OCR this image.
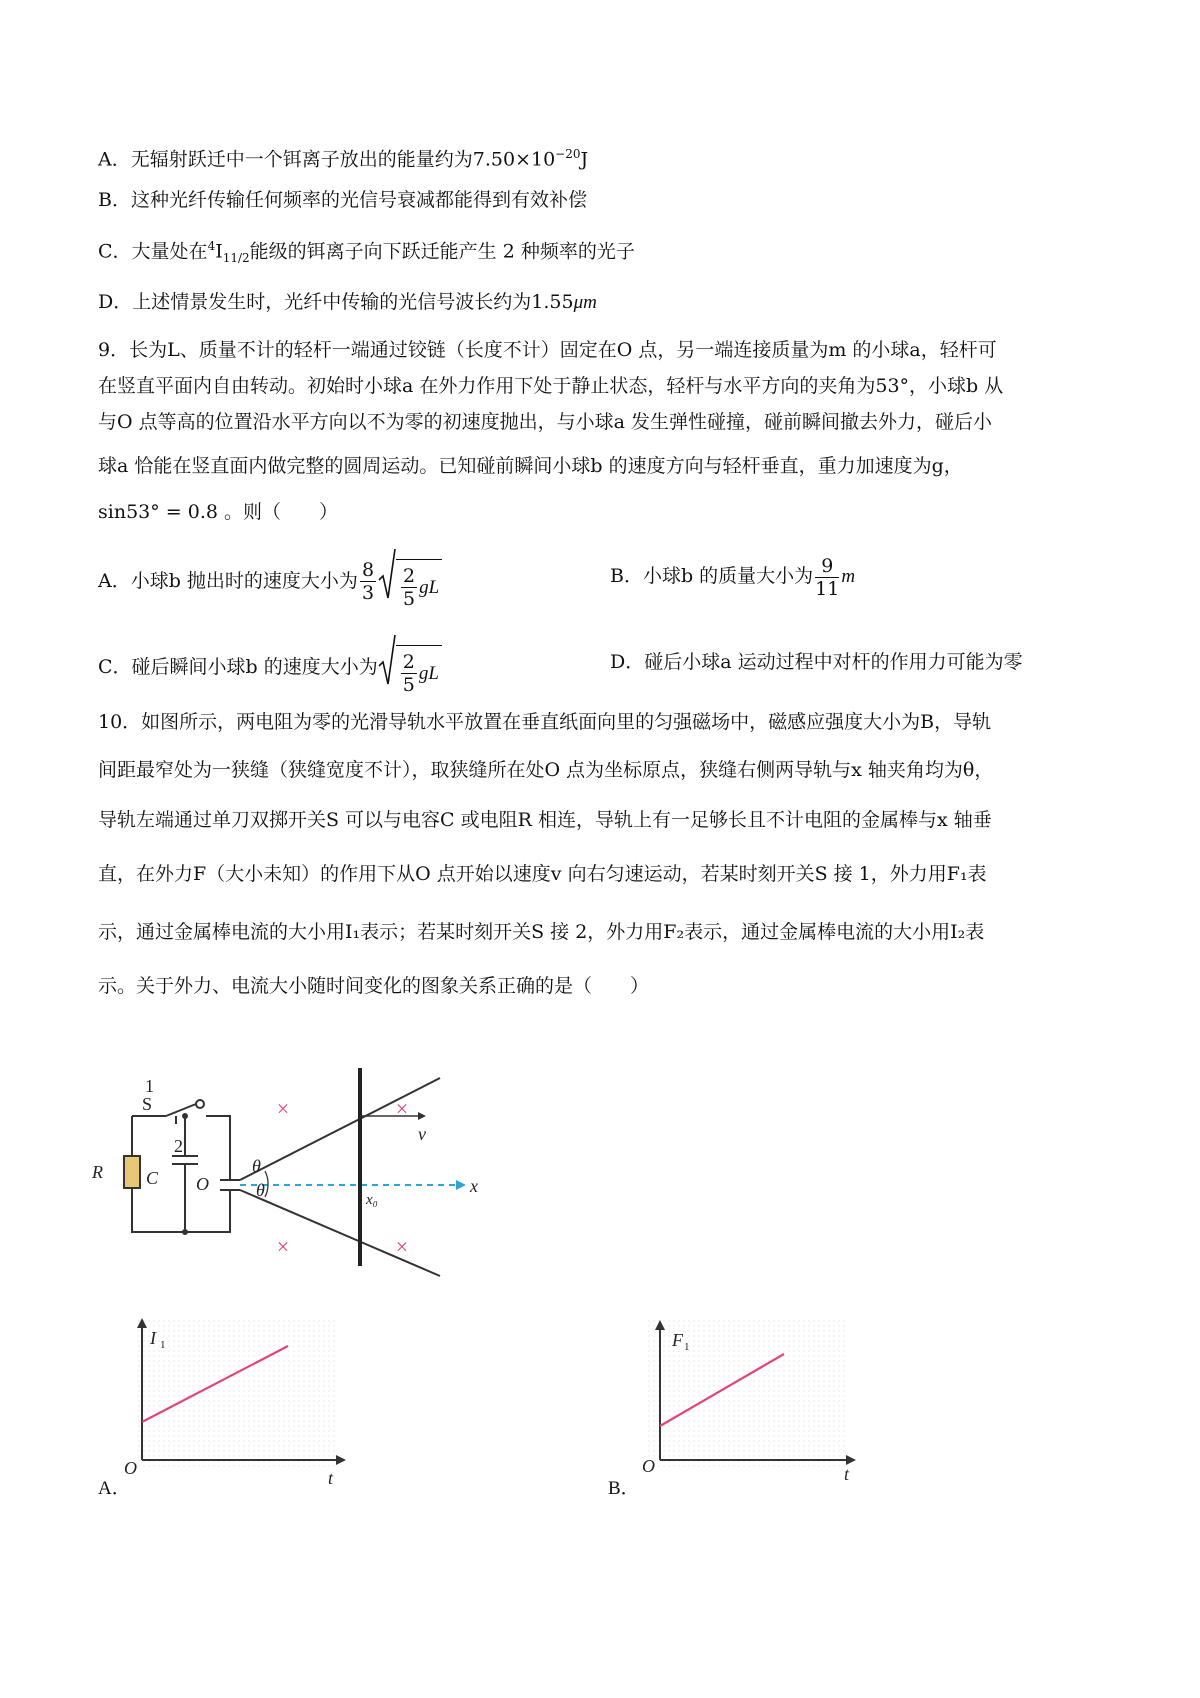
A．无辐射跃迁中一个铒离子放出的能量约为$7.50\times 10^{-20}J$
B．这种光纤传输任何频率的光信号衰减都能得到有效补偿
C．大量处在$^4I_{11/2}$能级的铒离子向下跃迁能产生 2 种频率的光子
D．上述情景发生时，光纤中传输的光信号波长约为1.55μm
9．长为L、质量不计的轻杆一端通过铰链（长度不计）固定在O 点，另一端连接质量为m 的小球a，轻杆可
在竖直平面内自由转动。初始时小球a 在外力作用下处于静止状态，轻杆与水平方向的夹角为53°，小球b 从
与O 点等高的位置沿水平方向以不为零的初速度抛出，与小球a 发生弹性碰撞，碰前瞬间撤去外力，碰后小
球a 恰能在竖直面内做完整的圆周运动。已知碰前瞬间小球b 的速度方向与轻杆垂直，重力加速度为g，
sin53° = 0.8 。则（　　）
A．小球b 抛出时的速度大小为 $\frac{8}{3} \frac{2}{5}$ gL	B．小球b 的质量大小为 $\frac{9}{11}$ m
C．碰后瞬间小球b 的速度大小为 $\frac{2}{5}$ gL	D．碰后小球a 运动过程中对杆的作用力可能为零
10．如图所示，两电阻为零的光滑导轨水平放置在垂直纸面向里的匀强磁场中，磁感应强度大小为B，导轨
间距最窄处为一狭缝（狭缝宽度不计），取狭缝所在处O 点为坐标原点，狭缝右侧两导轨与x 轴夹角均为θ，
导轨左端通过单刀双掷开关S 可以与电容C 或电阻R 相连，导轨上有一足够长且不计电阻的金属棒与x 轴垂
直，在外力F（大小未知）的作用下从O 点开始以速度v 向右匀速运动，若某时刻开关S 接 1，外力用F₁表
示，通过金属棒电流的大小用I₁表示；若某时刻开关S 接 2，外力用F₂表示，通过金属棒电流的大小用I₂表
示。关于外力、电流大小随时间变化的图象关系正确的是（　　）
×	×
×	×
1
S
2
R C O
θ
θ
v
x
x₀
I 1
t
O
A．
F 1
t
O
B．
